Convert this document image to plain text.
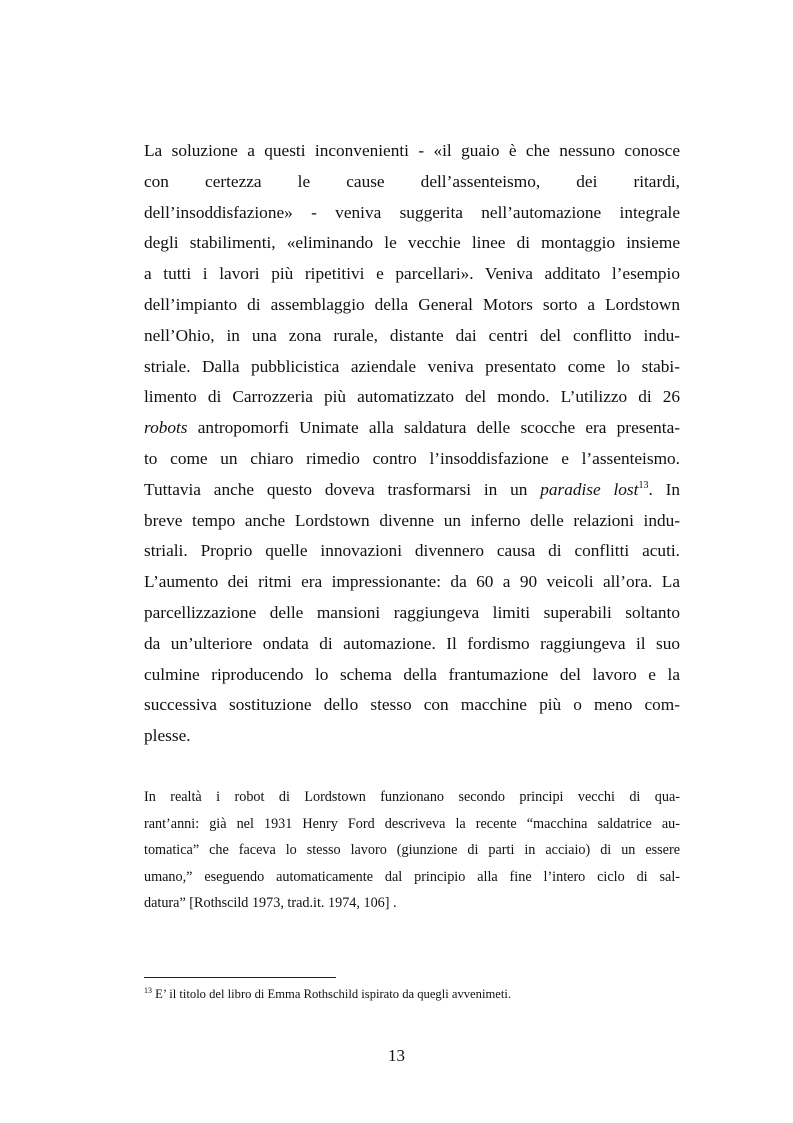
La soluzione a questi inconvenienti - «il guaio è che nessuno conosce
con certezza le cause dell’assenteismo, dei ritardi,
dell’insoddisfazione» - veniva suggerita nell’automazione integrale
degli stabilimenti, «eliminando le vecchie linee di montaggio insieme
a tutti i lavori più ripetitivi e parcellari». Veniva additato l’esempio
dell’impianto di assemblaggio della General Motors sorto a Lordstown
nell’Ohio, in una zona rurale, distante dai centri del conflitto indu-
striale. Dalla pubblicistica aziendale veniva presentato come lo stabi-
limento di Carrozzeria più automatizzato del mondo. L’utilizzo di 26
robots antropomorfi Unimate alla saldatura delle scocche era presenta-
to come un chiaro rimedio contro l’insoddisfazione e l’assenteismo.
Tuttavia anche questo doveva trasformarsi in un paradise lost$^{13}$. In
breve tempo anche Lordstown divenne un inferno delle relazioni indu-
striali. Proprio quelle innovazioni divennero causa di conflitti acuti.
L’aumento dei ritmi era impressionante: da 60 a 90 veicoli all’ora. La
parcellizzazione delle mansioni raggiungeva limiti superabili soltanto
da un’ulteriore ondata di automazione. Il fordismo raggiungeva il suo
culmine riproducendo lo schema della frantumazione del lavoro e la
successiva sostituzione dello stesso con macchine più o meno com-
plesse.
In realtà i robot di Lordstown funzionano secondo principi vecchi di qua-
rant’anni: già nel 1931 Henry Ford descriveva la recente “macchina saldatrice au-
tomatica” che faceva lo stesso lavoro (giunzione di parti in acciaio) di un essere
umano,” eseguendo automaticamente dal principio alla fine l’intero ciclo di sal-
datura” [Rothscild 1973, trad.it. 1974, 106] .
$^{13}$ E’ il titolo del libro di Emma Rothschild ispirato da quegli avvenimeti.
13
